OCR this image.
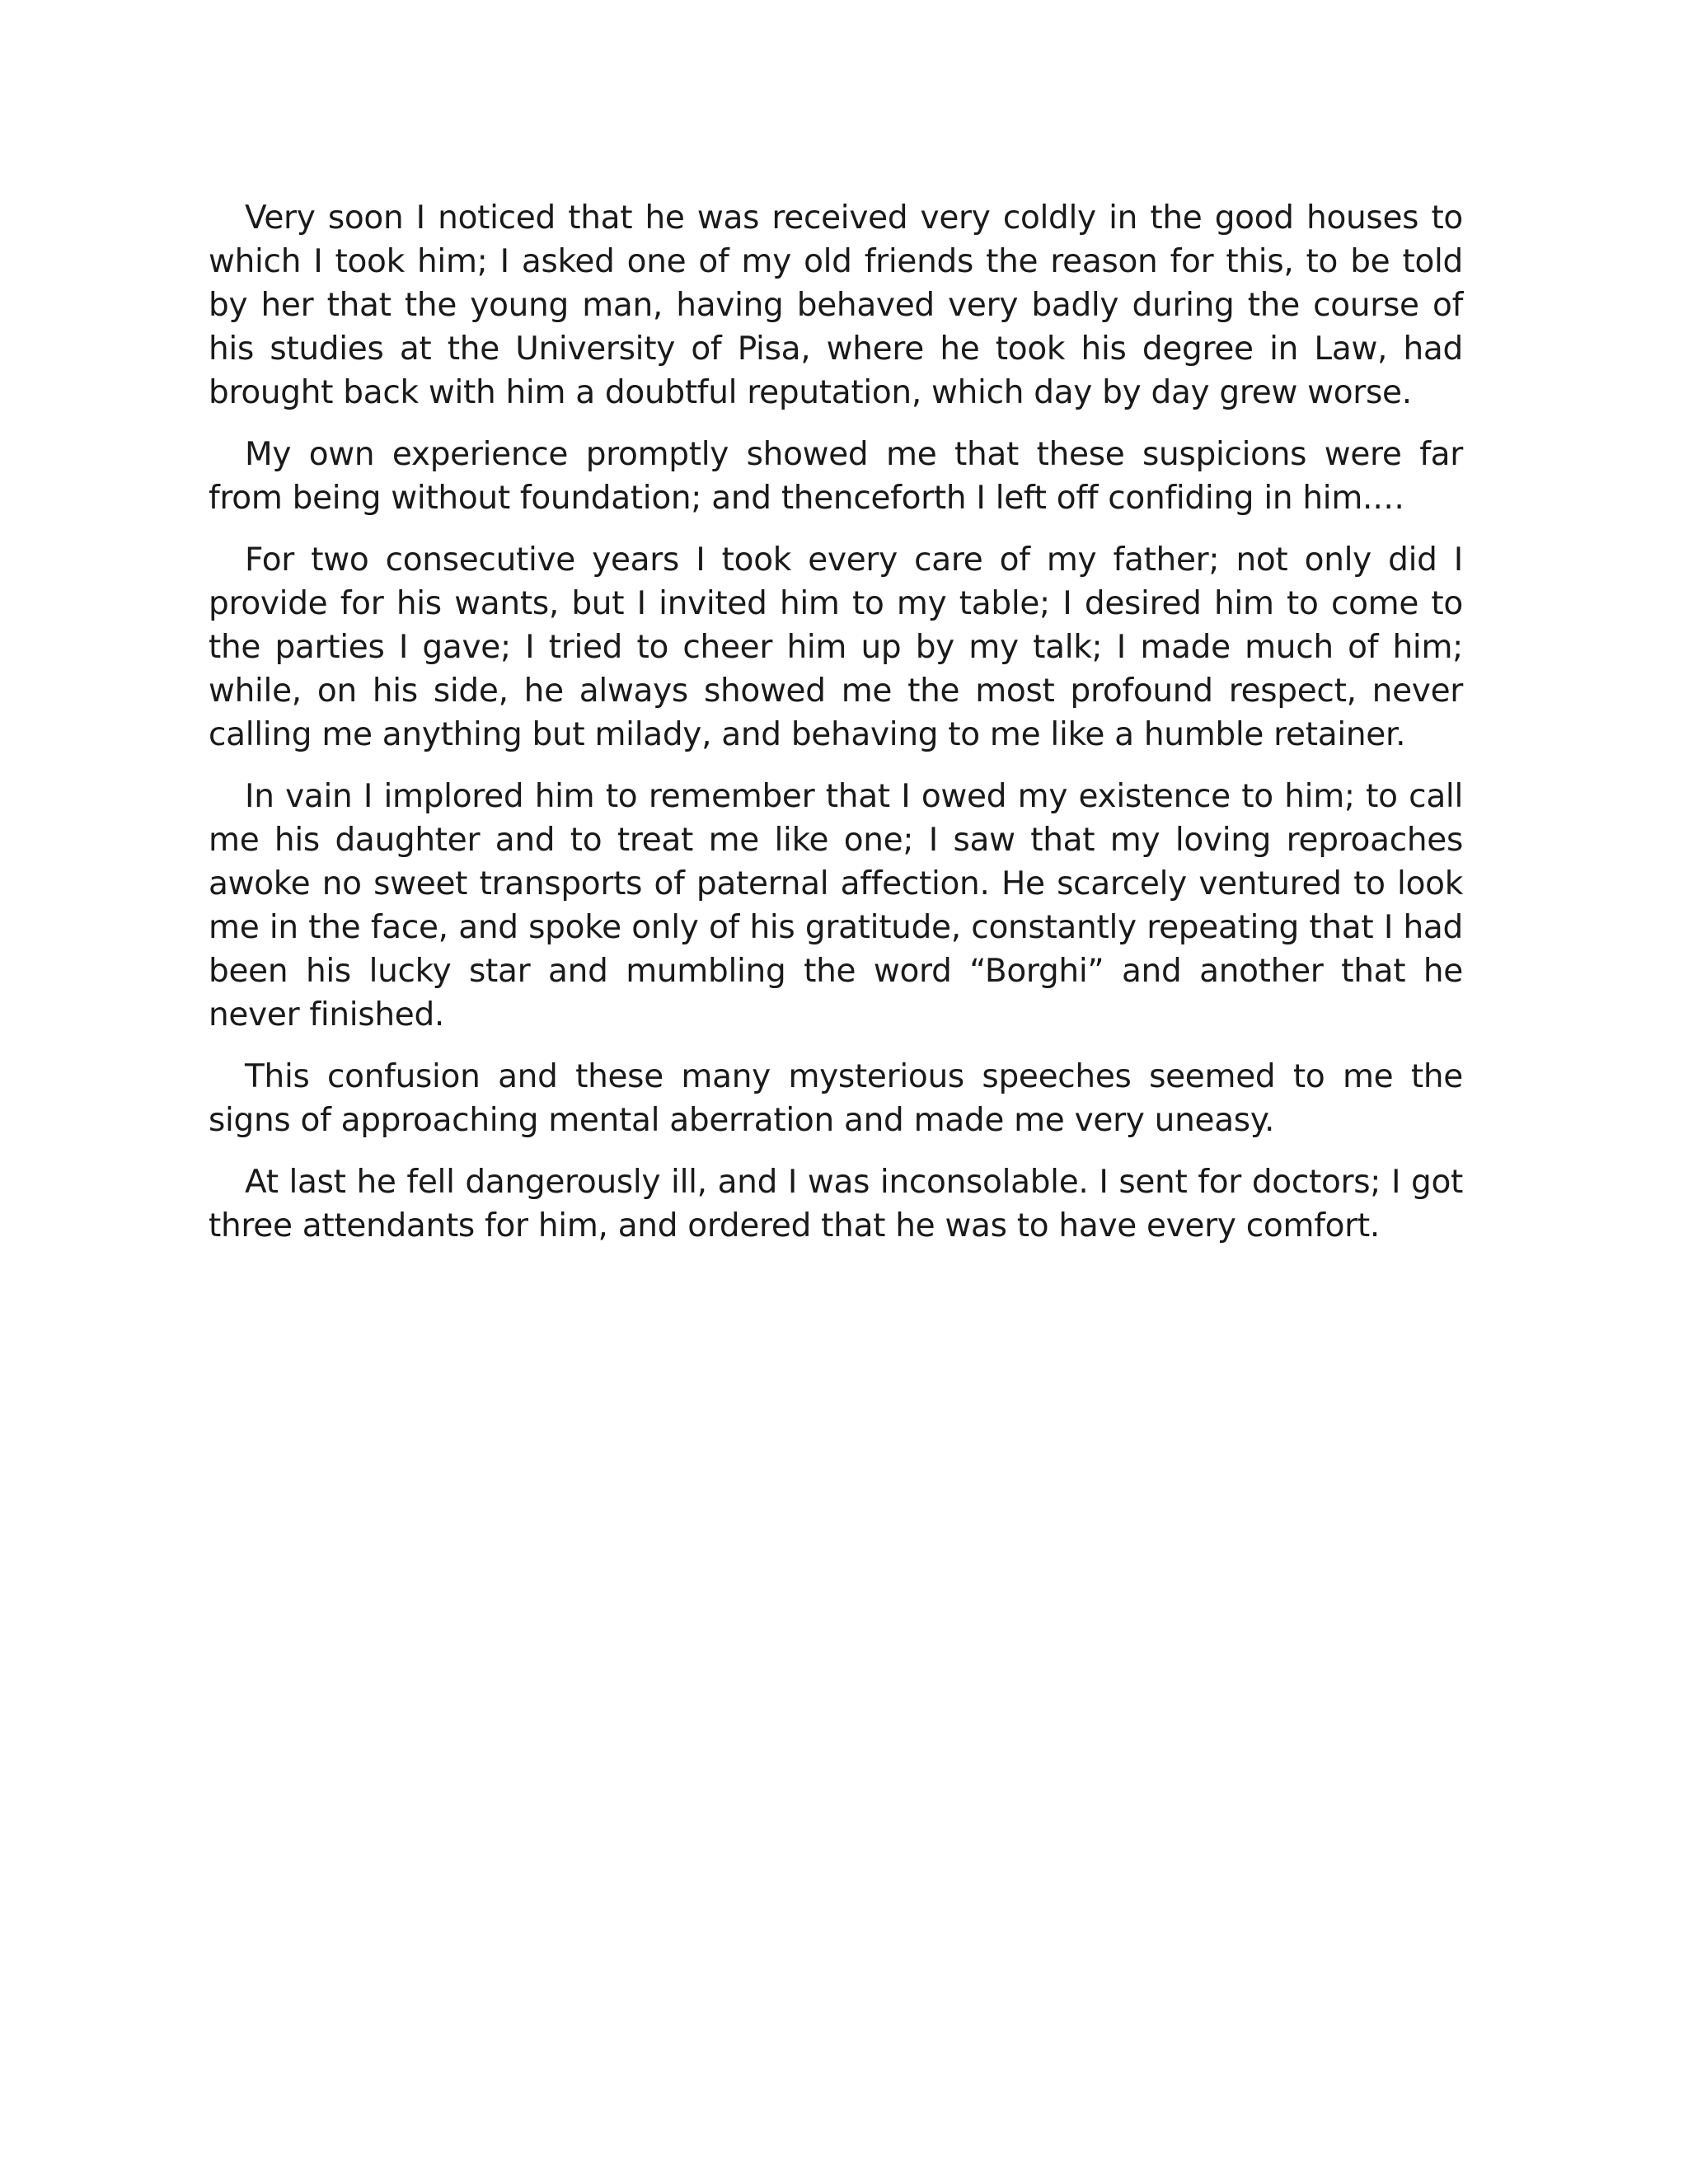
Very soon I noticed that he was received very coldly in the good houses to which I took him; I asked one of my old friends the reason for this, to be told by her that the young man, having behaved very badly during the course of his studies at the University of Pisa, where he took his degree in Law, had brought back with him a doubtful reputation, which day by day grew worse.

My own experience promptly showed me that these suspicions were far from being without foundation; and thenceforth I left off confiding in him.…

For two consecutive years I took every care of my father; not only did I provide for his wants, but I invited him to my table; I desired him to come to the parties I gave; I tried to cheer him up by my talk; I made much of him; while, on his side, he always showed me the most profound respect, never calling me anything but milady, and behaving to me like a humble retainer.

In vain I implored him to remember that I owed my existence to him; to call me his daughter and to treat me like one; I saw that my loving reproaches awoke no sweet transports of paternal affection. He scarcely ventured to look me in the face, and spoke only of his gratitude, constantly repeating that I had been his lucky star and mumbling the word “Borghi” and another that he never finished.

This confusion and these many mysterious speeches seemed to me the signs of approaching mental aberration and made me very uneasy.

At last he fell dangerously ill, and I was inconsolable. I sent for doctors; I got three attendants for him, and ordered that he was to have every comfort.
